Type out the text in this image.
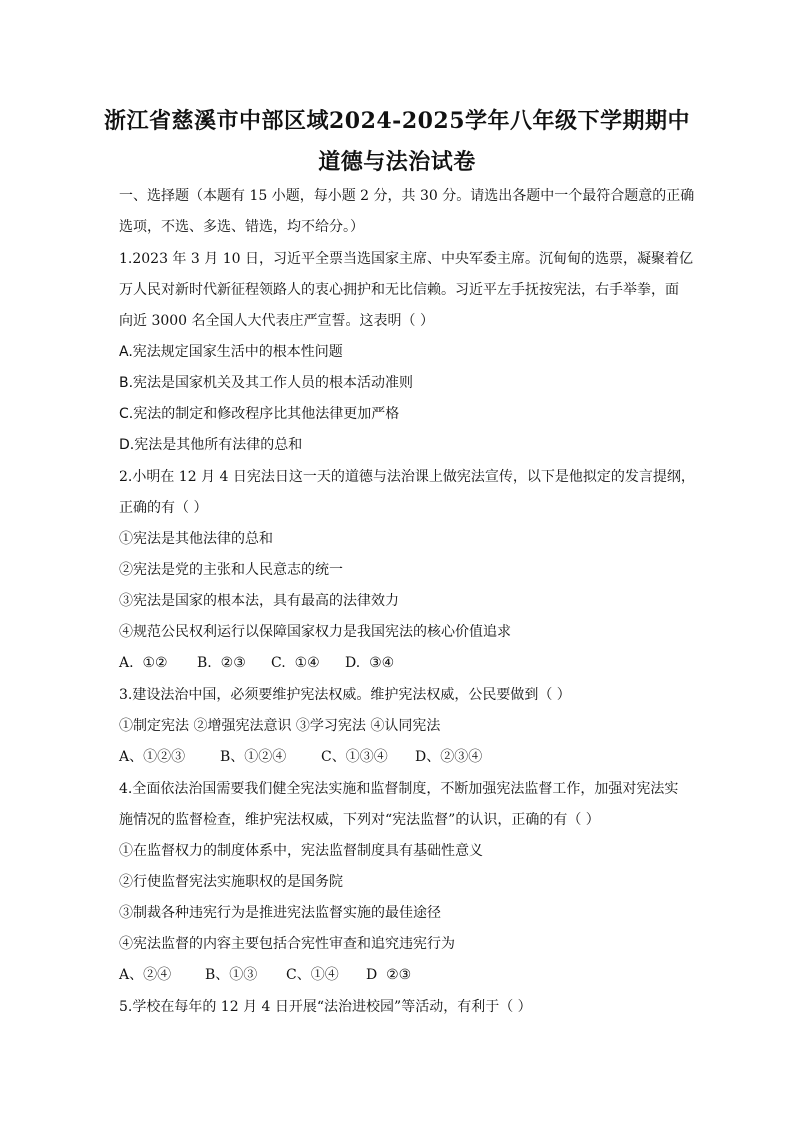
浙江省慈溪市中部区域2024-2025学年八年级下学期期中
道德与法治试卷

一、选择题（本题有 15 小题，每小题 2 分，共 30 分。请选出各题中一个最符合题意的正确

选项，不选、多选、错选，均不给分。）

1.2023 年 3 月 10 日，习近平全票当选国家主席、中央军委主席。沉甸甸的选票，凝聚着亿

万人民对新时代新征程领路人的衷心拥护和无比信赖。习近平左手抚按宪法，右手举拳，面

向近 3000 名全国人大代表庄严宣誓。这表明（ ）

A.宪法规定国家生活中的根本性问题

B.宪法是国家机关及其工作人员的根本活动准则

C.宪法的制定和修改程序比其他法律更加严格

D.宪法是其他所有法律的总和

2.小明在 12 月 4 日宪法日这一天的道德与法治课上做宪法宣传，以下是他拟定的发言提纲，

正确的有（ ）

①宪法是其他法律的总和

②宪法是党的主张和人民意志的统一

③宪法是国家的根本法，具有最高的法律效力

④规范公民权利运行以保障国家权力是我国宪法的核心价值追求

A.  ①②	B.  ②③	C.  ①④	D.  ③④

3.建设法治中国，必须要维护宪法权威。维护宪法权威，公民要做到（ ）

①制定宪法 ②增强宪法意识 ③学习宪法 ④认同宪法

A、①②③	B、①②④	C、①③④	D、②③④

4.全面依法治国需要我们健全宪法实施和监督制度，不断加强宪法监督工作，加强对宪法实

施情况的监督检查，维护宪法权威，下列对“宪法监督”的认识，正确的有（ ）

①在监督权力的制度体系中，宪法监督制度具有基础性意义

②行使监督宪法实施职权的是国务院

③制裁各种违宪行为是推进宪法监督实施的最佳途径

④宪法监督的内容主要包括合宪性审查和追究违宪行为

A、②④	B、①③	C、①④	D  ②③

5.学校在每年的 12 月 4 日开展“法治进校园”等活动，有利于（ ）
